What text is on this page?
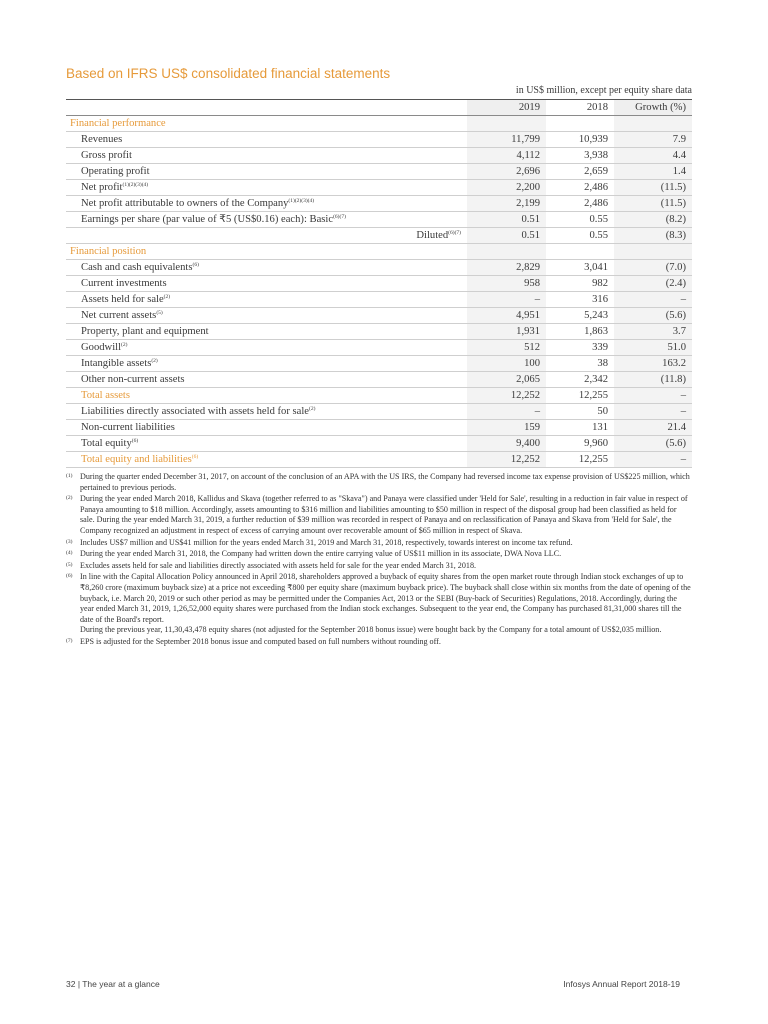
Based on IFRS US$ consolidated financial statements
in US$ million, except per equity share data
	2019	2018	Growth (%)
Financial performance			
Revenues	11,799	10,939	7.9
Gross profit	4,112	3,938	4.4
Operating profit	2,696	2,659	1.4
Net profit$^{(1)(2)(3)(4)}$	2,200	2,486	(11.5)
Net profit attributable to owners of the Company$^{(1)(2)(3)(4)}$	2,199	2,486	(11.5)
Earnings per share (par value of ₹5 (US$0.16) each): Basic$^{(6)(7)}$	0.51	0.55	(8.2)
Diluted$^{(6)(7)}$	0.51	0.55	(8.3)
Financial position			
Cash and cash equivalents$^{(6)}$	2,829	3,041	(7.0)
Current investments	958	982	(2.4)
Assets held for sale$^{(2)}$	–	316	–
Net current assets$^{(5)}$	4,951	5,243	(5.6)
Property, plant and equipment	1,931	1,863	3.7
Goodwill$^{(2)}$	512	339	51.0
Intangible assets$^{(2)}$	100	38	163.2
Other non-current assets	2,065	2,342	(11.8)
Total assets	12,252	12,255	–
Liabilities directly associated with assets held for sale$^{(2)}$	–	50	–
Non-current liabilities	159	131	21.4
Total equity$^{(6)}$	9,400	9,960	(5.6)
Total equity and liabilities$^{(6)}$	12,252	12,255	–
(1) During the quarter ended December 31, 2017, on account of the conclusion of an APA with the US IRS, the Company had reversed income tax expense provision of US$225 million, which pertained to previous periods.

(2) During the year ended March 2018, Kallidus and Skava (together referred to as "Skava") and Panaya were classified under 'Held for Sale', resulting in a reduction in fair value in respect of Panaya amounting to $18 million. Accordingly, assets amounting to $316 million and liabilities amounting to $50 million in respect of the disposal group had been classified as held for sale. During the year ended March 31, 2019, a further reduction of $39 million was recorded in respect of Panaya and on reclassification of Panaya and Skava from 'Held for Sale', the Company recognized an adjustment in respect of excess of carrying amount over recoverable amount of $65 million in respect of Skava.

(3) Includes US$7 million and US$41 million for the years ended March 31, 2019 and March 31, 2018, respectively, towards interest on income tax refund.

(4) During the year ended March 31, 2018, the Company had written down the entire carrying value of US$11 million in its associate, DWA Nova LLC.

(5) Excludes assets held for sale and liabilities directly associated with assets held for sale for the year ended March 31, 2018.

(6) In line with the Capital Allocation Policy announced in April 2018, shareholders approved a buyback of equity shares from the open market route through Indian stock exchanges of up to ₹8,260 crore (maximum buyback size) at a price not exceeding ₹800 per equity share (maximum buyback price). The buyback shall close within six months from the date of opening of the buyback, i.e. March 20, 2019 or such other period as may be permitted under the Companies Act, 2013 or the SEBI (Buy-back of Securities) Regulations, 2018. Accordingly, during the year ended March 31, 2019, 1,26,52,000 equity shares were purchased from the Indian stock exchanges. Subsequent to the year end, the Company has purchased 81,31,000 shares till the date of the Board's report.

During the previous year, 11,30,43,478 equity shares (not adjusted for the September 2018 bonus issue) were bought back by the Company for a total amount of US$2,035 million.

(7) EPS is adjusted for the September 2018 bonus issue and computed based on full numbers without rounding off.

32 | The year at a glance	Infosys Annual Report 2018-19
